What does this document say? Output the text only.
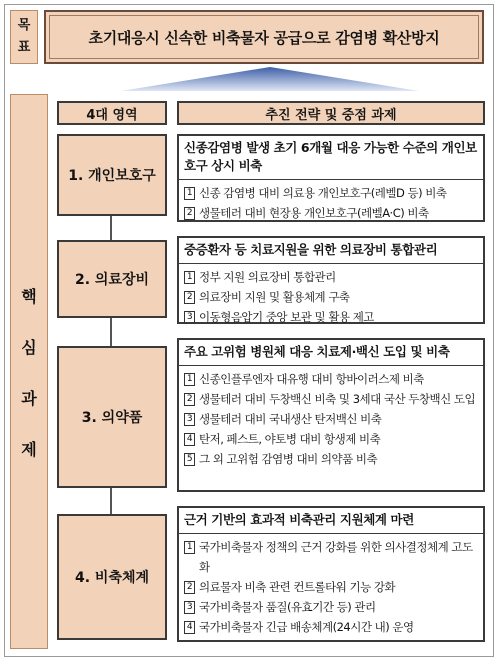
목
표
초기대응시 신속한 비축물자 공급으로 감염병 확산방지
핵
심
과
제
4대 영역	추진 전략 및 중점 과제
1. 개인보호구
신종감염병 발생 초기 6개월 대응 가능한 수준의 개인보호구 상시 비축
1 신종 감염병 대비 의료용 개인보호구(레벨D 등) 비축
2 생물테러 대비 현장용 개인보호구(레벨A·C) 비축
2. 의료장비
중증환자 등 치료지원을 위한 의료장비 통합관리
1 정부 지원 의료장비 통합관리
2 의료장비 지원 및 활용체계 구축
3 이동형음압기 중앙 보관 및 활용 제고
3. 의약품
주요 고위험 병원체 대응 치료제·백신 도입 및 비축
1 신종인플루엔자 대유행 대비 항바이러스제 비축
2 생물테러 대비 두창백신 비축 및 3세대 국산 두창백신 도입
3 생물테러 대비 국내생산 탄저백신 비축
4 탄저, 페스트, 야토병 대비 항생제 비축
5 그 외 고위험 감염병 대비 의약품 비축
4. 비축체계
근거 기반의 효과적 비축관리 지원체계 마련
1 국가비축물자 정책의 근거 강화를 위한 의사결정체계 고도화
2 의료물자 비축 관련 컨트롤타워 기능 강화
3 국가비축물자 품질(유효기간 등) 관리
4 국가비축물자 긴급 배송체계(24시간 내) 운영
